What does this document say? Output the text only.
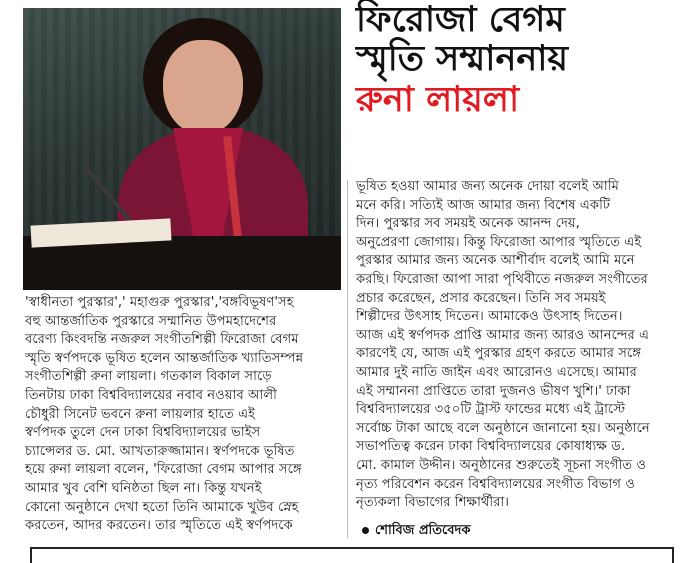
ফিরোজা বেগম
স্মৃতি সম্মাননায়
রুনা লায়লা
'স্বাধীনতা পুরস্কার',' মহাগুরু পুরস্কার','বঙ্গবিভূষণ'সহ
বহু আন্তর্জাতিক পুরস্কারে সম্মানিত উপমহাদেশের
বরেণ্য কিংবদন্তি নজরুল সংগীতশিল্পী ফিরোজা বেগম
স্মৃতি স্বর্ণপদকে ভূষিত হলেন আন্তর্জাতিক খ্যাতিসম্পন্ন
সংগীতশিল্পী রুনা লায়লা। গতকাল বিকাল সাড়ে
তিনটায় ঢাকা বিশ্ববিদ্যালয়ের নবাব নওয়াব আলী
চৌধুরী সিনেট ভবনে রুনা লায়লার হাতে এই
স্বর্ণপদক তুলে দেন ঢাকা বিশ্ববিদ্যালয়ের ভাইস
চ্যান্সেলর ড. মো. আখতারুজ্জামান। স্বর্ণপদকে ভূষিত
হয়ে রুনা লায়লা বলেন, 'ফিরোজা বেগম আপার সঙ্গে
আমার খুব বেশি ঘনিষ্ঠতা ছিল না। কিন্তু যখনই
কোনো অনুষ্ঠানে দেখা হতো তিনি আমাকে খুউব স্নেহ
করতেন, আদর করতেন। তার স্মৃতিতে এই স্বর্ণপদকে
ভূষিত হওয়া আমার জন্য অনেক দোয়া বলেই আমি
মনে করি। সত্যিই আজ আমার জন্য বিশেষ একটি
দিন। পুরস্কার সব সময়ই অনেক আনন্দ দেয়,
অনুপ্রেরণা জোগায়। কিন্তু ফিরোজা আপার স্মৃতিতে এই
পুরস্কার আমার জন্য অনেক আশীর্বাদ বলেই আমি মনে
করছি। ফিরোজা আপা সারা পৃথিবীতে নজরুল সংগীতের
প্রচার করেছেন, প্রসার করেছেন। তিনি সব সময়ই
শিল্পীদের উৎসাহ দিতেন। আমাকেও উৎসাহ দিতেন।
আজ এই স্বর্ণপদক প্রাপ্তি আমার জন্য আরও আনন্দের এ
কারণেই যে, আজ এই পুরস্কার গ্রহণ করতে আমার সঙ্গে
আমার দুই নাতি জাইন এবং আরোনও এসেছে। আমার
এই সম্মাননা প্রাপ্তিতে তারা দুজনও ভীষণ খুশি।' ঢাকা
বিশ্ববিদ্যালয়ের ৩৫০টি ট্রাস্ট ফান্ডের মধ্যে এই ট্রাস্টে
সর্বোচ্চ টাকা আছে বলে অনুষ্ঠানে জানানো হয়। অনুষ্ঠানে
সভাপতিত্ব করেন ঢাকা বিশ্ববিদ্যালয়ের কোষাধ্যক্ষ ড.
মো. কামাল উদ্দীন। অনুষ্ঠানের শুরুতেই সূচনা সংগীত ও
নৃত্য পরিবেশন করেন বিশ্ববিদ্যালয়ের সংগীত বিভাগ ও
নৃত্যকলা বিভাগের শিক্ষার্থীরা।
শোবিজ প্রতিবেদক
